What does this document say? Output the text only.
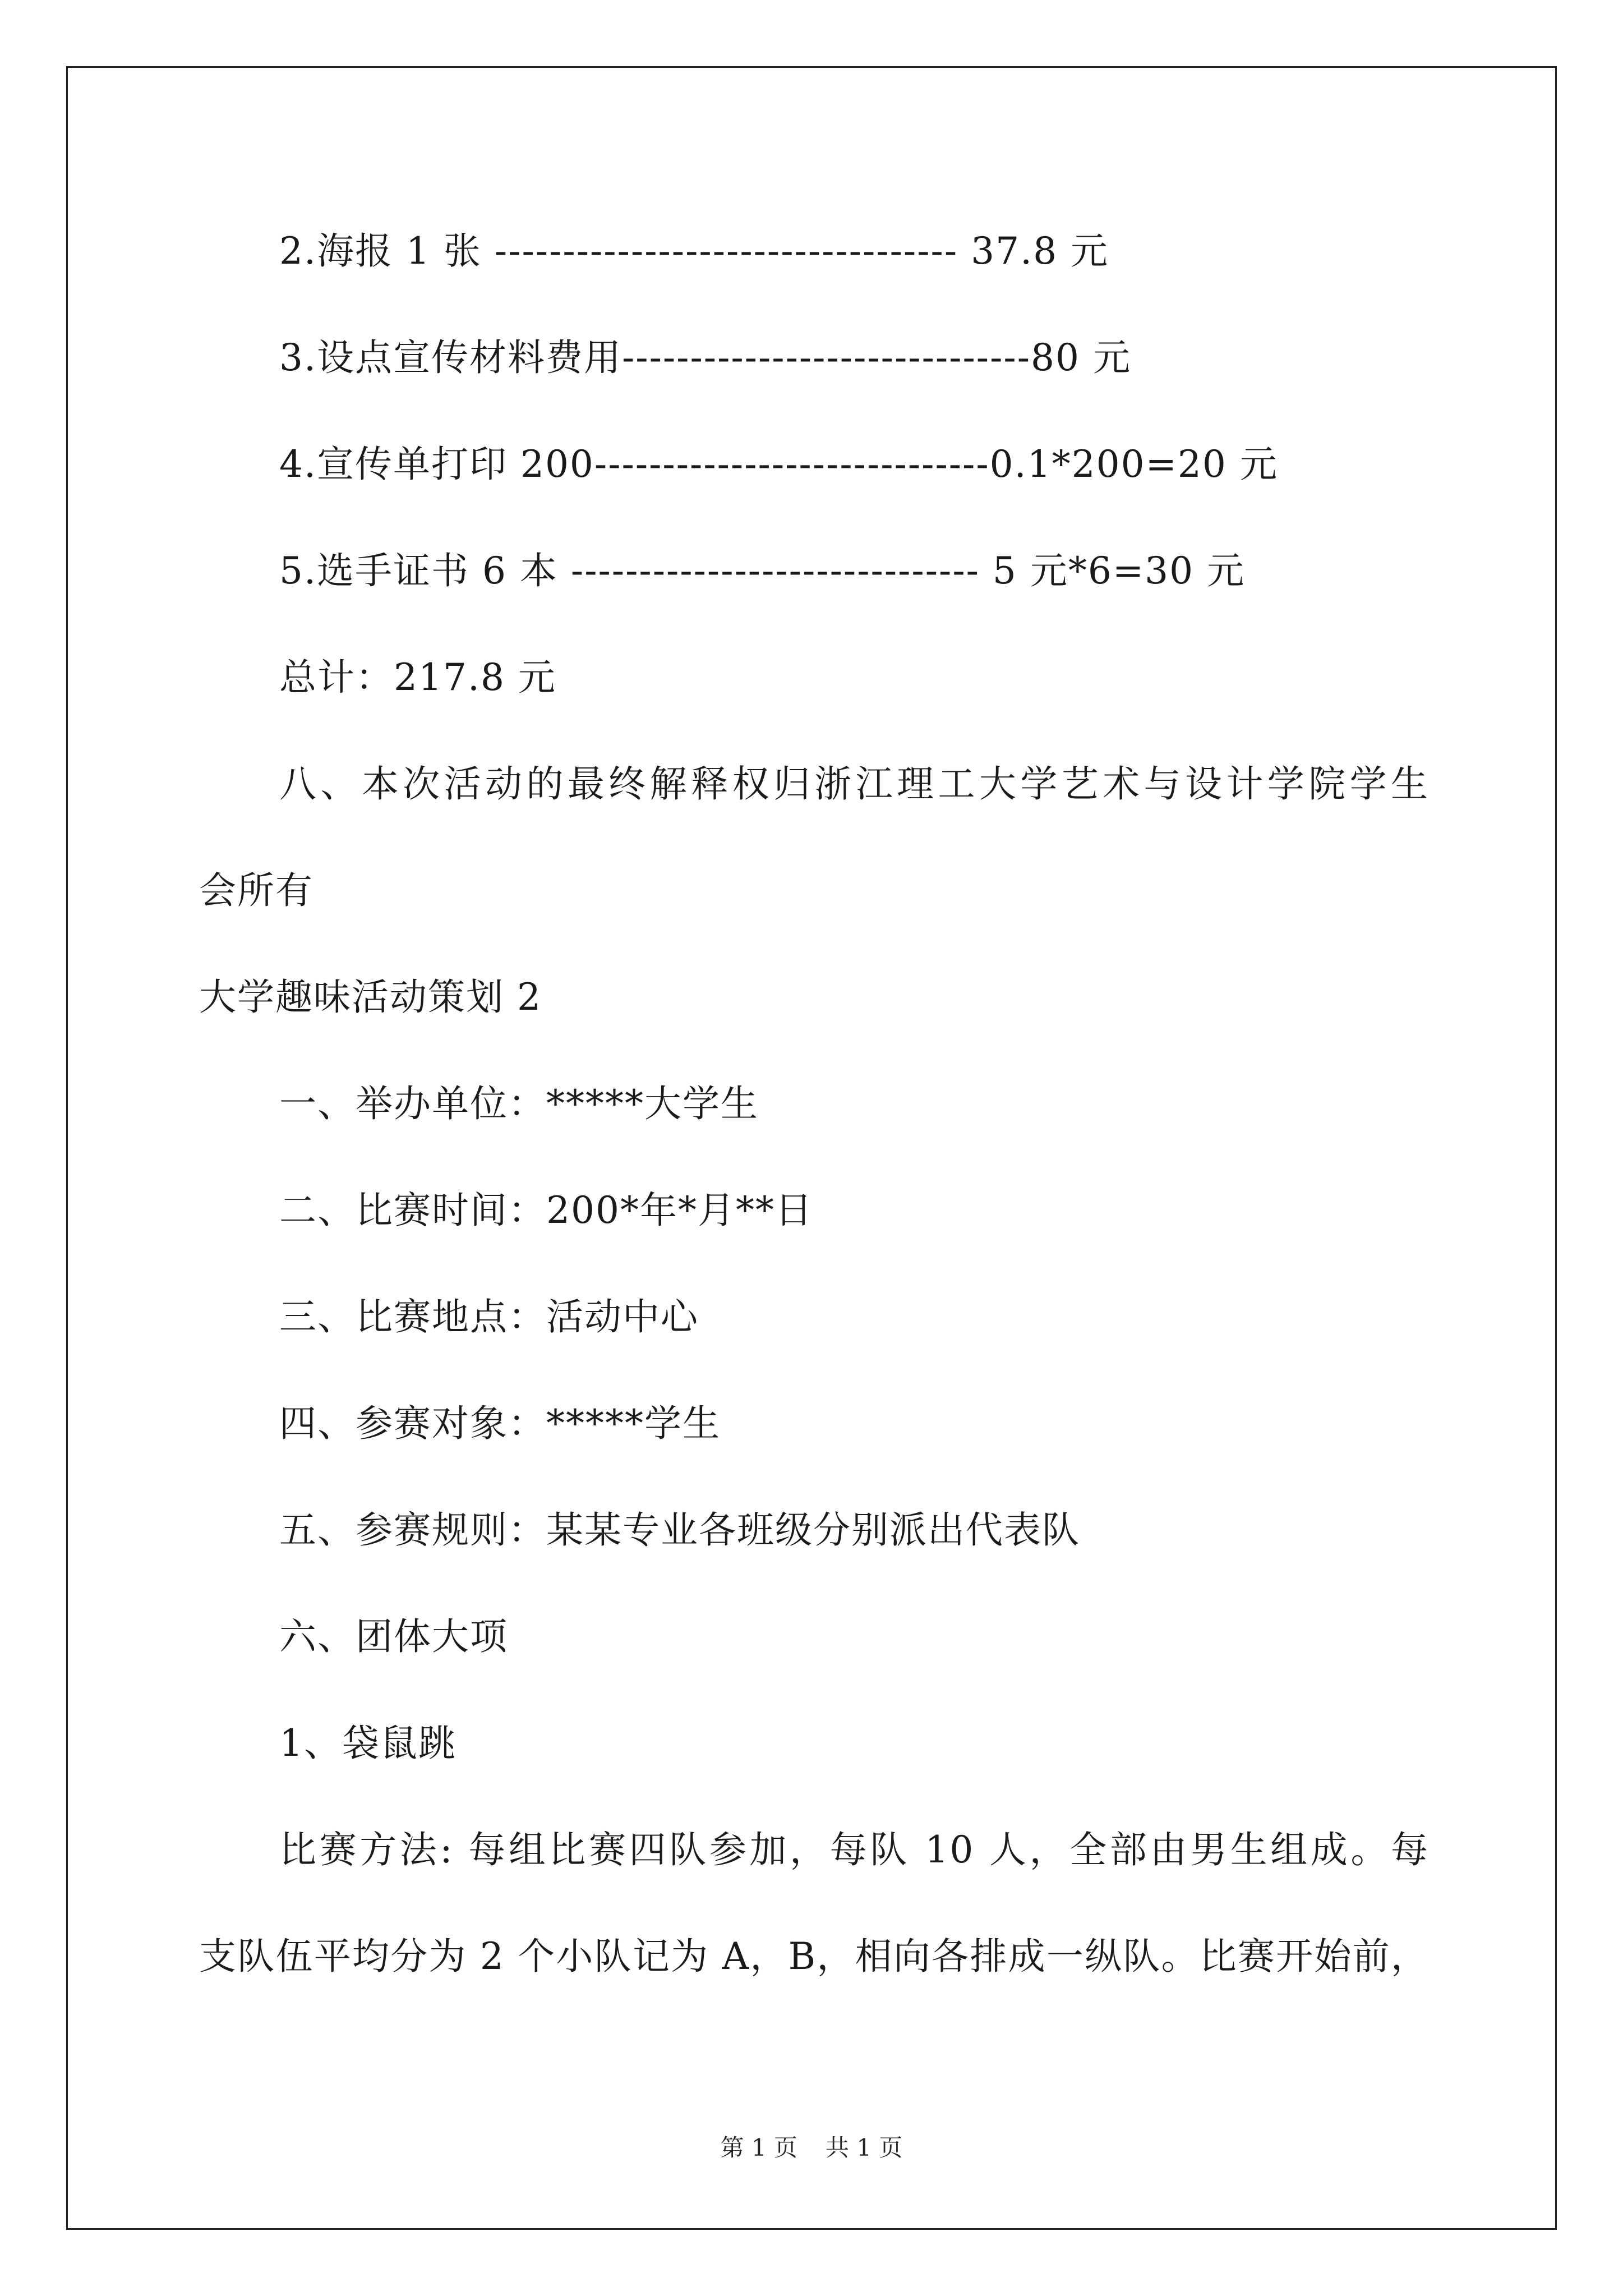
2.海报 1 张 ---------------------------------- 37.8 元
3.设点宣传材料费用------------------------------80 元
4.宣传单打印 200-----------------------------0.1*200=20 元
5.选手证书 6 本 ------------------------------ 5 元*6=30 元
总计：217.8 元
八、本次活动的最终解释权归浙江理工大学艺术与设计学院学生
会所有
大学趣味活动策划 2
一、举办单位：*****大学生
二、比赛时间：200*年*月**日
三、比赛地点：活动中心
四、参赛对象：*****学生
五、参赛规则：某某专业各班级分别派出代表队
六、团体大项
1、袋鼠跳
比赛方法: 每组比赛四队参加，每队 10 人，全部由男生组成。每
支队伍平均分为 2 个小队记为 A，B，相向各排成一纵队。比赛开始前，
第 1 页 共 1 页
